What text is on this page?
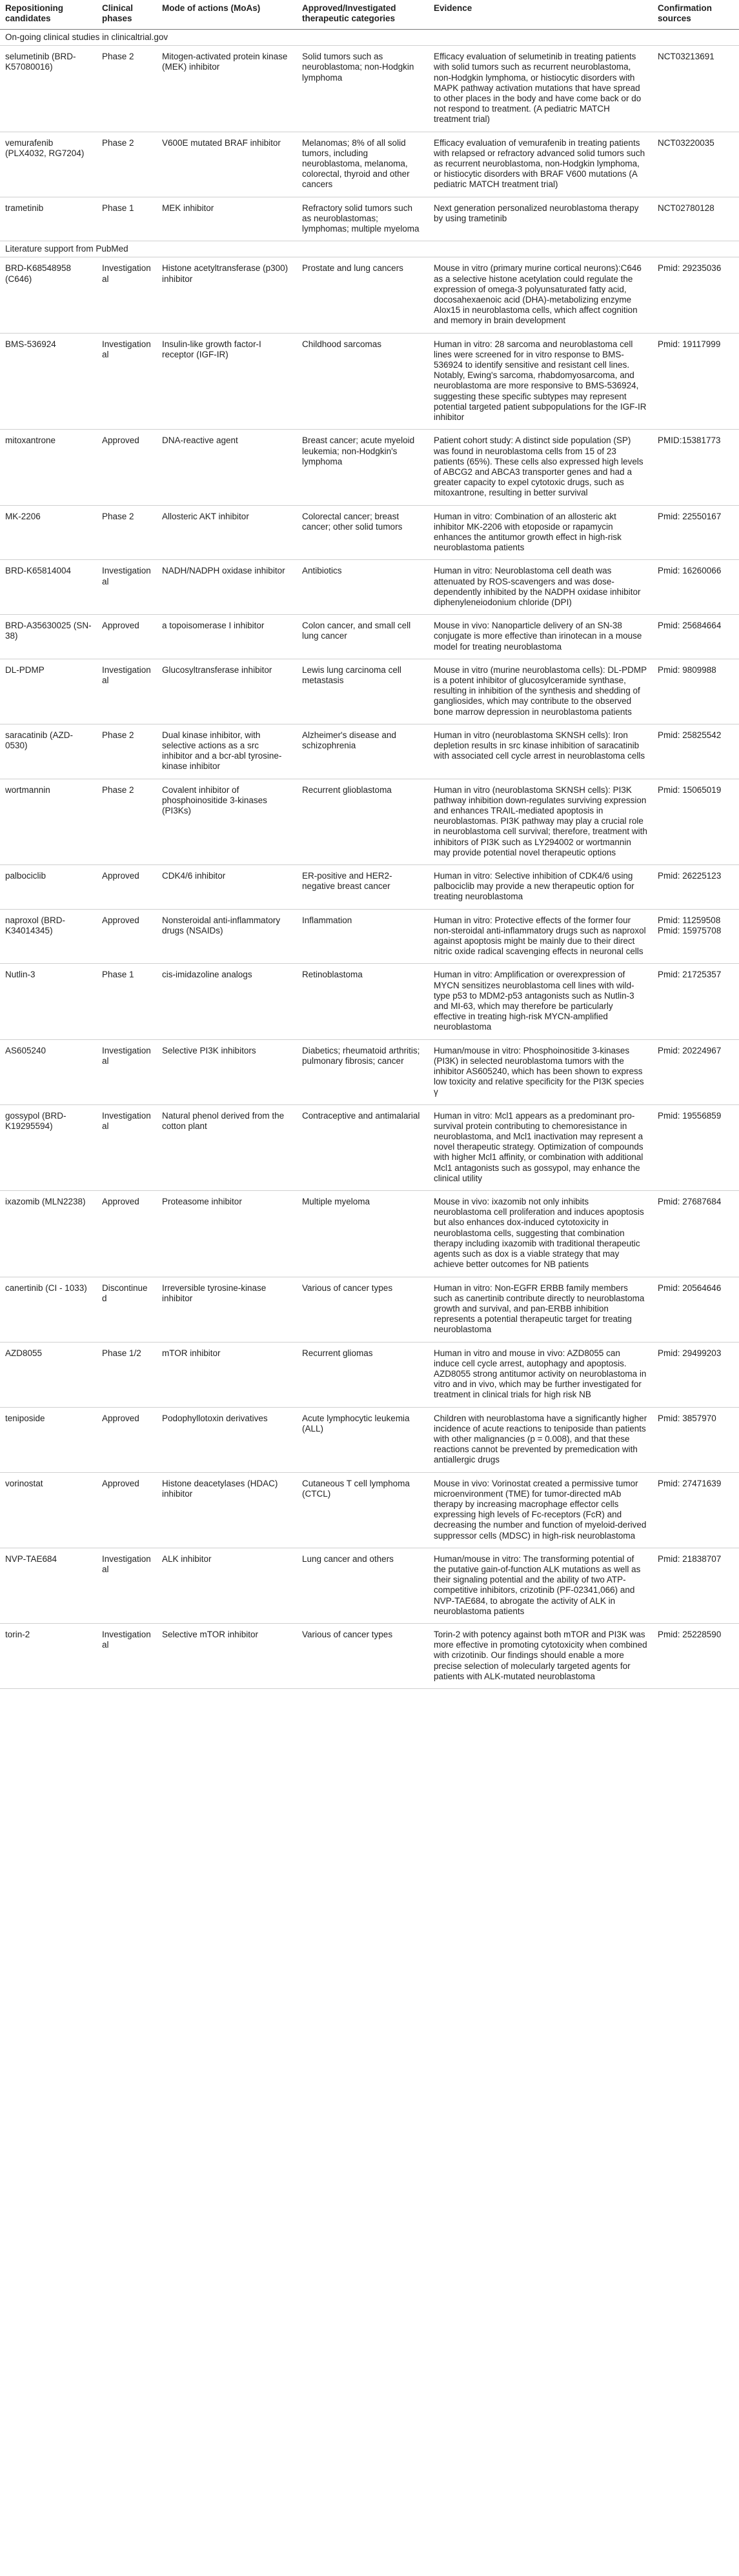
Repositioning candidates	Clinical phases	Mode of actions (MoAs)	Approved/Investigated therapeutic categories	Evidence	Confirmation sources
On-going clinical studies in clinicaltrial.gov					
selumetinib (BRD-K57080016)	Phase 2	Mitogen-activated protein kinase (MEK) inhibitor	Solid tumors such as neuroblastoma; non-Hodgkin lymphoma	Efficacy evaluation of selumetinib in treating patients with solid tumors such as recurrent neuroblastoma, non-Hodgkin lymphoma, or histiocytic disorders with MAPK pathway activation mutations that have spread to other places in the body and have come back or do not respond to treatment. (A pediatric MATCH treatment trial)	NCT03213691
vemurafenib (PLX4032, RG7204)	Phase 2	V600E mutated BRAF inhibitor	Melanomas; 8% of all solid tumors, including neuroblastoma, melanoma, colorectal, thyroid and other cancers	Efficacy evaluation of vemurafenib in treating patients with relapsed or refractory advanced solid tumors such as recurrent neuroblastoma, non-Hodgkin lymphoma, or histiocytic disorders with BRAF V600 mutations (A pediatric MATCH treatment trial)	NCT03220035
trametinib	Phase 1	MEK inhibitor	Refractory solid tumors such as neuroblastomas; lymphomas; multiple myeloma	Next generation personalized neuroblastoma therapy by using trametinib	NCT02780128
Literature support from PubMed					
BRD-K68548958 (C646)	Investigational	Histone acetyltransferase (p300) inhibitor	Prostate and lung cancers	Mouse in vitro (primary murine cortical neurons):C646 as a selective histone acetylation could regulate the expression of omega-3 polyunsaturated fatty acid, docosahexaenoic acid (DHA)-metabolizing enzyme Alox15 in neuroblastoma cells, which affect cognition and memory in brain development	Pmid: 29235036
BMS-536924	Investigational	Insulin-like growth factor-I receptor (IGF-IR)	Childhood sarcomas	Human in vitro: 28 sarcoma and neuroblastoma cell lines were screened for in vitro response to BMS-536924 to identify sensitive and resistant cell lines. Notably, Ewing's sarcoma, rhabdomyosarcoma, and neuroblastoma are more responsive to BMS-536924, suggesting these specific subtypes may represent potential targeted patient subpopulations for the IGF-IR inhibitor	Pmid: 19117999
mitoxantrone	Approved	DNA-reactive agent	Breast cancer; acute myeloid leukemia; non-Hodgkin's lymphoma	Patient cohort study: A distinct side population (SP) was found in neuroblastoma cells from 15 of 23 patients (65%). These cells also expressed high levels of ABCG2 and ABCA3 transporter genes and had a greater capacity to expel cytotoxic drugs, such as mitoxantrone, resulting in better survival	PMID:15381773
MK-2206	Phase 2	Allosteric AKT inhibitor	Colorectal cancer; breast cancer; other solid tumors	Human in vitro: Combination of an allosteric akt inhibitor MK-2206 with etoposide or rapamycin enhances the antitumor growth effect in high-risk neuroblastoma patients	Pmid: 22550167
BRD-K65814004	Investigational	NADH/NADPH oxidase inhibitor	Antibiotics	Human in vitro: Neuroblastoma cell death was attenuated by ROS-scavengers and was dose-dependently inhibited by the NADPH oxidase inhibitor diphenyleneiodonium chloride (DPI)	Pmid: 16260066
BRD-A35630025 (SN-38)	Approved	a topoisomerase I inhibitor	Colon cancer, and small cell lung cancer	Mouse in vivo: Nanoparticle delivery of an SN-38 conjugate is more effective than irinotecan in a mouse model for treating neuroblastoma	Pmid: 25684664
DL-PDMP	Investigational	Glucosyltransferase inhibitor	Lewis lung carcinoma cell metastasis	Mouse in vitro (murine neuroblastoma cells): DL-PDMP is a potent inhibitor of glucosylceramide synthase, resulting in inhibition of the synthesis and shedding of gangliosides, which may contribute to the observed bone marrow depression in neuroblastoma patients	Pmid: 9809988
saracatinib (AZD-0530)	Phase 2	Dual kinase inhibitor, with selective actions as a src inhibitor and a bcr-abl tyrosine-kinase inhibitor	Alzheimer's disease and schizophrenia	Human in vitro (neuroblastoma SKNSH cells): Iron depletion results in src kinase inhibition of saracatinib with associated cell cycle arrest in neuroblastoma cells	Pmid: 25825542
wortmannin	Phase 2	Covalent inhibitor of phosphoinositide 3-kinases (PI3Ks)	Recurrent glioblastoma	Human in vitro (neuroblastoma SKNSH cells): PI3K pathway inhibition down-regulates surviving expression and enhances TRAIL-mediated apoptosis in neuroblastomas. PI3K pathway may play a crucial role in neuroblastoma cell survival; therefore, treatment with inhibitors of PI3K such as LY294002 or wortmannin may provide potential novel therapeutic options	Pmid: 15065019
palbociclib	Approved	CDK4/6 inhibitor	ER-positive and HER2-negative breast cancer	Human in vitro: Selective inhibition of CDK4/6 using palbociclib may provide a new therapeutic option for treating neuroblastoma	Pmid: 26225123
naproxol (BRD-K34014345)	Approved	Nonsteroidal anti-inflammatory drugs (NSAIDs)	Inflammation	Human in vitro: Protective effects of the former four non-steroidal anti-inflammatory drugs such as naproxol against apoptosis might be mainly due to their direct nitric oxide radical scavenging effects in neuronal cells	Pmid: 11259508 Pmid: 15975708
Nutlin-3	Phase 1	cis-imidazoline analogs	Retinoblastoma	Human in vitro: Amplification or overexpression of MYCN sensitizes neuroblastoma cell lines with wild-type p53 to MDM2-p53 antagonists such as Nutlin-3 and MI-63, which may therefore be particularly effective in treating high-risk MYCN-amplified neuroblastoma	Pmid: 21725357
AS605240	Investigational	Selective PI3K inhibitors	Diabetics; rheumatoid arthritis; pulmonary fibrosis; cancer	Human/mouse in vitro: Phosphoinositide 3-kinases (PI3K) in selected neuroblastoma tumors with the inhibitor AS605240, which has been shown to express low toxicity and relative specificity for the PI3K species γ	Pmid: 20224967
gossypol (BRD-K19295594)	Investigational	Natural phenol derived from the cotton plant	Contraceptive and antimalarial	Human in vitro: Mcl1 appears as a predominant pro-survival protein contributing to chemoresistance in neuroblastoma, and Mcl1 inactivation may represent a novel therapeutic strategy. Optimization of compounds with higher Mcl1 affinity, or combination with additional Mcl1 antagonists such as gossypol, may enhance the clinical utility	Pmid: 19556859
ixazomib (MLN2238)	Approved	Proteasome inhibitor	Multiple myeloma	Mouse in vivo: ixazomib not only inhibits neuroblastoma cell proliferation and induces apoptosis but also enhances dox-induced cytotoxicity in neuroblastoma cells, suggesting that combination therapy including ixazomib with traditional therapeutic agents such as dox is a viable strategy that may achieve better outcomes for NB patients	Pmid: 27687684
canertinib (CI - 1033)	Discontinued	Irreversible tyrosine-kinase inhibitor	Various of cancer types	Human in vitro: Non-EGFR ERBB family members such as canertinib contribute directly to neuroblastoma growth and survival, and pan-ERBB inhibition represents a potential therapeutic target for treating neuroblastoma	Pmid: 20564646
AZD8055	Phase 1/2	mTOR inhibitor	Recurrent gliomas	Human in vitro and mouse in vivo: AZD8055 can induce cell cycle arrest, autophagy and apoptosis. AZD8055 strong antitumor activity on neuroblastoma in vitro and in vivo, which may be further investigated for treatment in clinical trials for high risk NB	Pmid: 29499203
teniposide	Approved	Podophyllotoxin derivatives	Acute lymphocytic leukemia (ALL)	Children with neuroblastoma have a significantly higher incidence of acute reactions to teniposide than patients with other malignancies (p = 0.008), and that these reactions cannot be prevented by premedication with antiallergic drugs	Pmid: 3857970
vorinostat	Approved	Histone deacetylases (HDAC) inhibitor	Cutaneous T cell lymphoma (CTCL)	Mouse in vivo: Vorinostat created a permissive tumor microenvironment (TME) for tumor-directed mAb therapy by increasing macrophage effector cells expressing high levels of Fc-receptors (FcR) and decreasing the number and function of myeloid-derived suppressor cells (MDSC) in high-risk neuroblastoma	Pmid: 27471639
NVP-TAE684	Investigational	ALK inhibitor	Lung cancer and others	Human/mouse in vitro: The transforming potential of the putative gain-of-function ALK mutations as well as their signaling potential and the ability of two ATP-competitive inhibitors, crizotinib (PF-02341,066) and NVP-TAE684, to abrogate the activity of ALK in neuroblastoma patients	Pmid: 21838707
torin-2	Investigational	Selective mTOR inhibitor	Various of cancer types	Torin-2 with potency against both mTOR and PI3K was more effective in promoting cytotoxicity when combined with crizotinib. Our findings should enable a more precise selection of molecularly targeted agents for patients with ALK-mutated neuroblastoma	Pmid: 25228590
